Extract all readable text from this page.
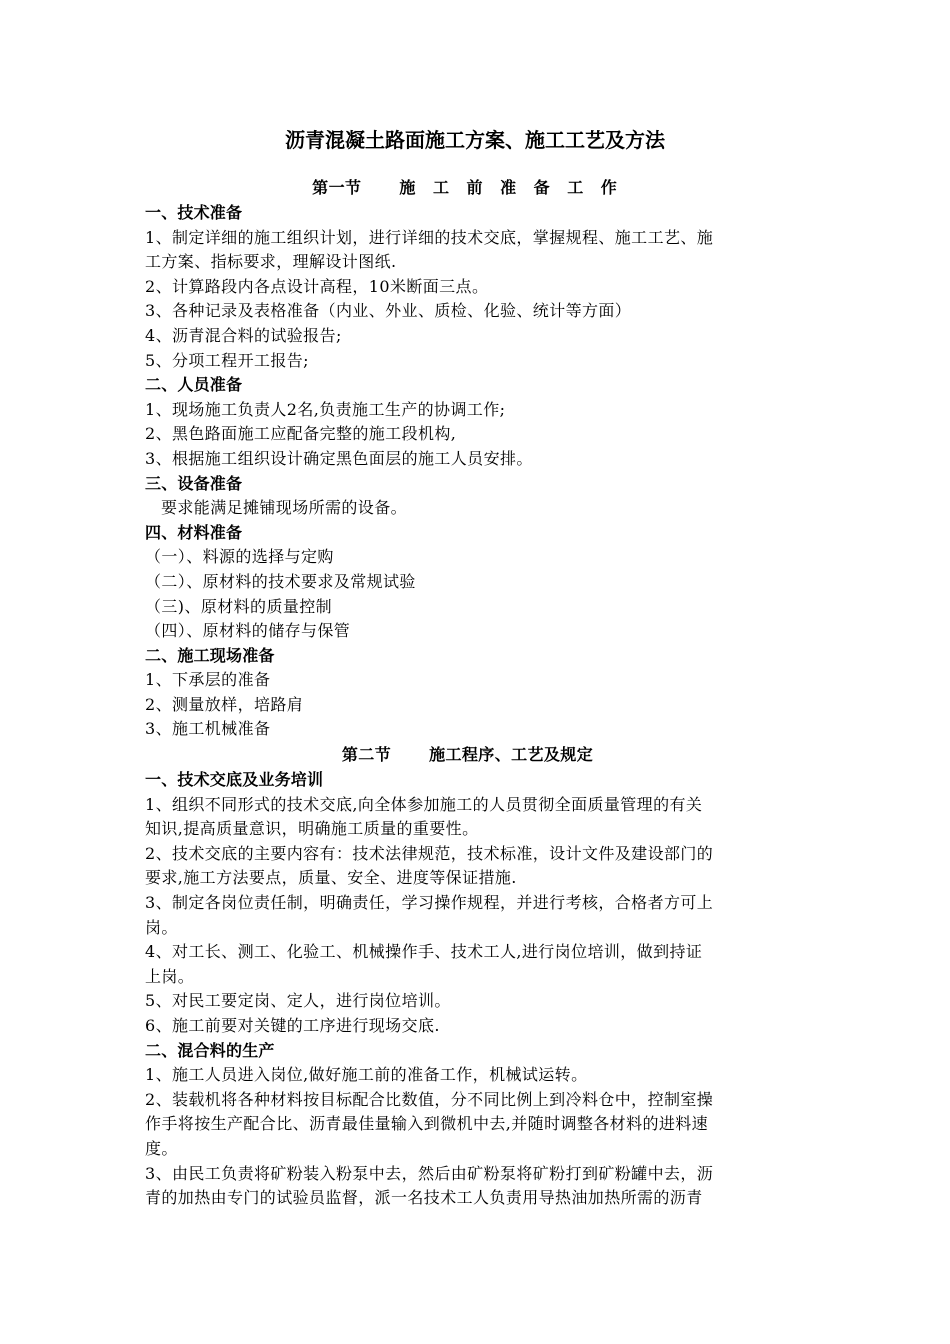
沥青混凝土路面施工方案、施工工艺及方法
第一节 施 工 前 准 备 工 作
一、技术准备
1、制定详细的施工组织计划，进行详细的技术交底，掌握规程、施工工艺、施
工方案、指标要求，理解设计图纸.
2、计算路段内各点设计高程，10米断面三点。
3、各种记录及表格准备（内业、外业、质检、化验、统计等方面）
4、沥青混合料的试验报告;
5、分项工程开工报告;
二、人员准备
1、现场施工负责人2名,负责施工生产的协调工作;
2、黑色路面施工应配备完整的施工段机构,
3、根据施工组织设计确定黑色面层的施工人员安排。
三、设备准备
要求能满足摊铺现场所需的设备。
四、材料准备
（一）、料源的选择与定购
（二）、原材料的技术要求及常规试验
（三)、原材料的质量控制
（四）、原材料的储存与保管
二、施工现场准备
1、下承层的准备
2、测量放样，培路肩
3、施工机械准备
第二节 施工程序、工艺及规定
一、技术交底及业务培训
1、组织不同形式的技术交底,向全体参加施工的人员贯彻全面质量管理的有关
知识,提高质量意识，明确施工质量的重要性。
2、技术交底的主要内容有：技术法律规范，技术标准，设计文件及建设部门的
要求,施工方法要点，质量、安全、进度等保证措施.
3、制定各岗位责任制，明确责任，学习操作规程，并进行考核，合格者方可上
岗。
4、对工长、测工、化验工、机械操作手、技术工人,进行岗位培训，做到持证
上岗。
5、对民工要定岗、定人，进行岗位培训。
6、施工前要对关键的工序进行现场交底.
二、混合料的生产
1、施工人员进入岗位,做好施工前的准备工作，机械试运转。
2、装载机将各种材料按目标配合比数值，分不同比例上到冷料仓中，控制室操
作手将按生产配合比、沥青最佳量输入到微机中去,并随时调整各材料的进料速
度。
3、由民工负责将矿粉装入粉泵中去，然后由矿粉泵将矿粉打到矿粉罐中去，沥
青的加热由专门的试验员监督，派一名技术工人负责用导热油加热所需的沥青
